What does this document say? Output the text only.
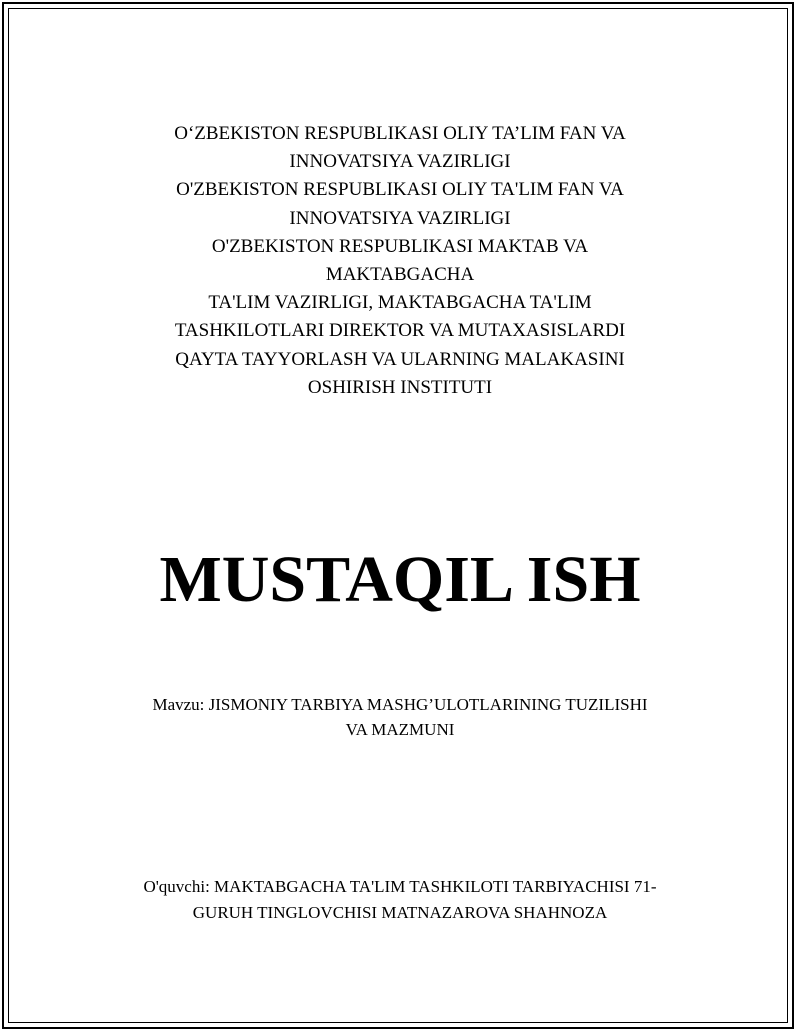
O‘ZBEKISTON RESPUBLIKASI OLIY TA’LIM FAN VA
INNOVATSIYA VAZIRLIGI
O'ZBEKISTON RESPUBLIKASI OLIY TA'LIM FAN VA
INNOVATSIYA VAZIRLIGI
O'ZBEKISTON RESPUBLIKASI MAKTAB VA
MAKTABGACHA
TA'LIM VAZIRLIGI, MAKTABGACHA TA'LIM
TASHKILOTLARI DIREKTOR VA MUTAXASISLARDI
QAYTA TAYYORLASH VA ULARNING MALAKASINI
OSHIRISH INSTITUTI
MUSTAQIL ISH
Mavzu: JISMONIY TARBIYA MASHG’ULOTLARINING TUZILISHI
VA MAZMUNI
O'quvchi: MAKTABGACHA TA'LIM TASHKILOTI TARBIYACHISI 71-
GURUH TINGLOVCHISI MATNAZAROVA SHAHNOZA
